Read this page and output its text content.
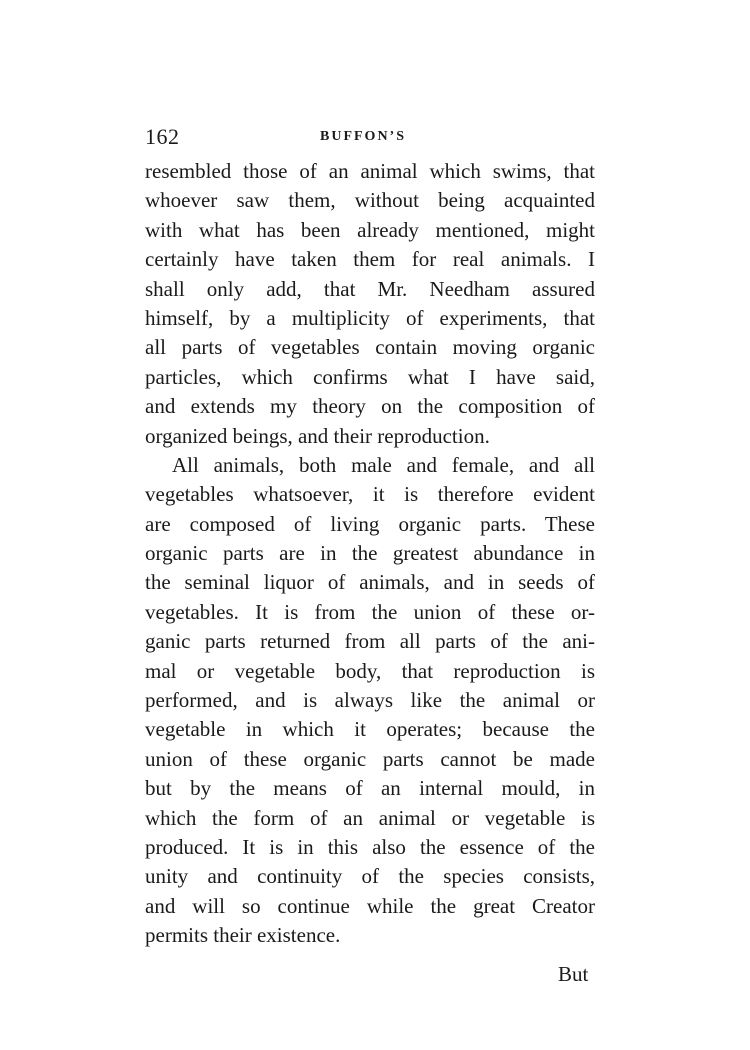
162	BUFFON’S
resembled those of an animal which swims, that
whoever saw them, without being acquainted
with what has been already mentioned, might
certainly have taken them for real animals. I
shall only add, that Mr. Needham assured
himself, by a multiplicity of experiments, that
all parts of vegetables contain moving organic
particles, which confirms what I have said,
and extends my theory on the composition of
organized beings, and their reproduction.
All animals, both male and female, and all
vegetables whatsoever, it is therefore evident
are composed of living organic parts. These
organic parts are in the greatest abundance in
the seminal liquor of animals, and in seeds of
vegetables. It is from the union of these or-
ganic parts returned from all parts of the ani-
mal or vegetable body, that reproduction is
performed, and is always like the animal or
vegetable in which it operates; because the
union of these organic parts cannot be made
but by the means of an internal mould, in
which the form of an animal or vegetable is
produced. It is in this also the essence of the
unity and continuity of the species consists,
and will so continue while the great Creator
permits their existence.
But
